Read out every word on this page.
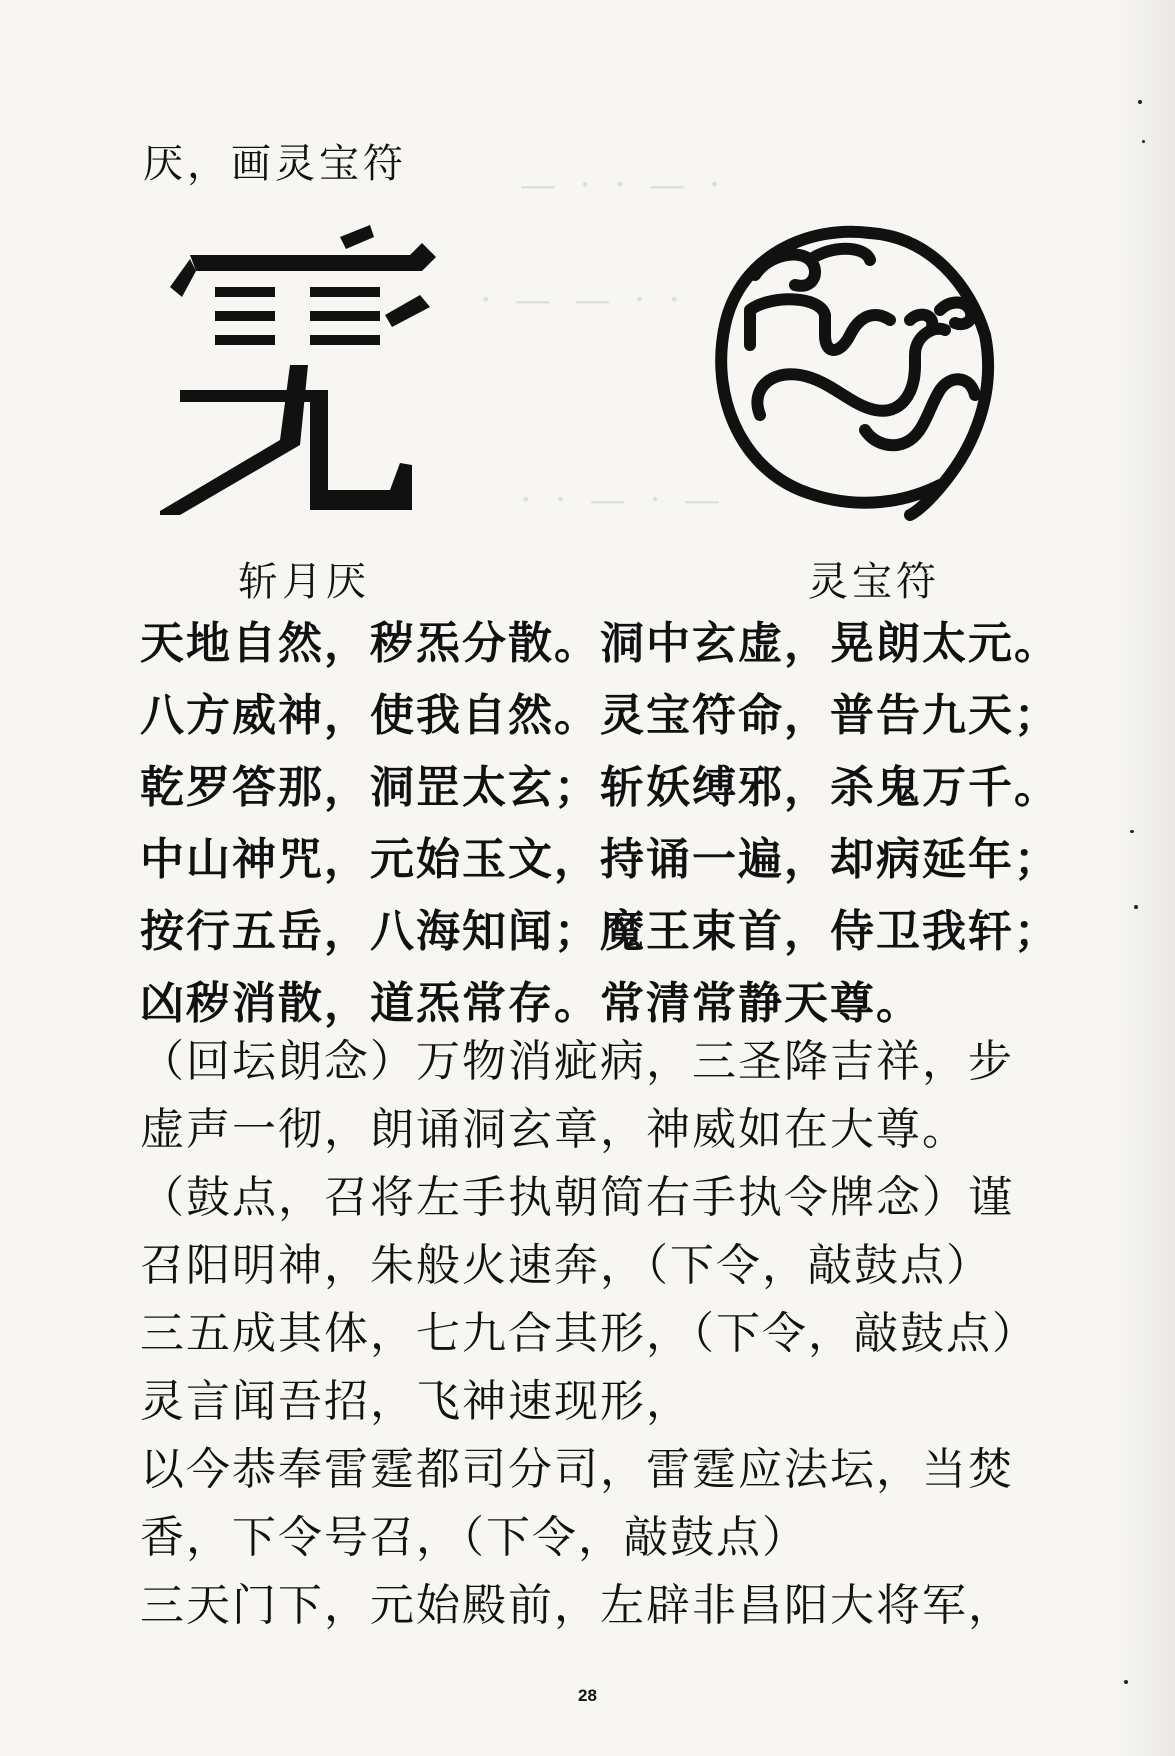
— · · — ·
· — — · ·
· · — · —
厌，画灵宝符
斩月厌	灵宝符
天地自然，秽炁分散。洞中玄虚，晃朗太元。
八方威神，使我自然。灵宝符命，普告九天；
乾罗答那，洞罡太玄；斩妖缚邪，杀鬼万千。
中山神咒，元始玉文，持诵一遍，却病延年；
按行五岳，八海知闻；魔王束首，侍卫我轩；
凶秽消散，道炁常存。常清常静天尊。
（回坛朗念）万物消疵病，三圣降吉祥，步
虚声一彻，朗诵洞玄章，神威如在大尊。
（鼓点，召将左手执朝简右手执令牌念）谨
召阳明神，朱般火速奔，（下令，敲鼓点）
三五成其体，七九合其形，（下令，敲鼓点）
灵言闻吾招，飞神速现形，
以今恭奉雷霆都司分司，雷霆应法坛，当焚
香，下令号召，（下令，敲鼓点）
三天门下，元始殿前，左辟非昌阳大将军，
28
